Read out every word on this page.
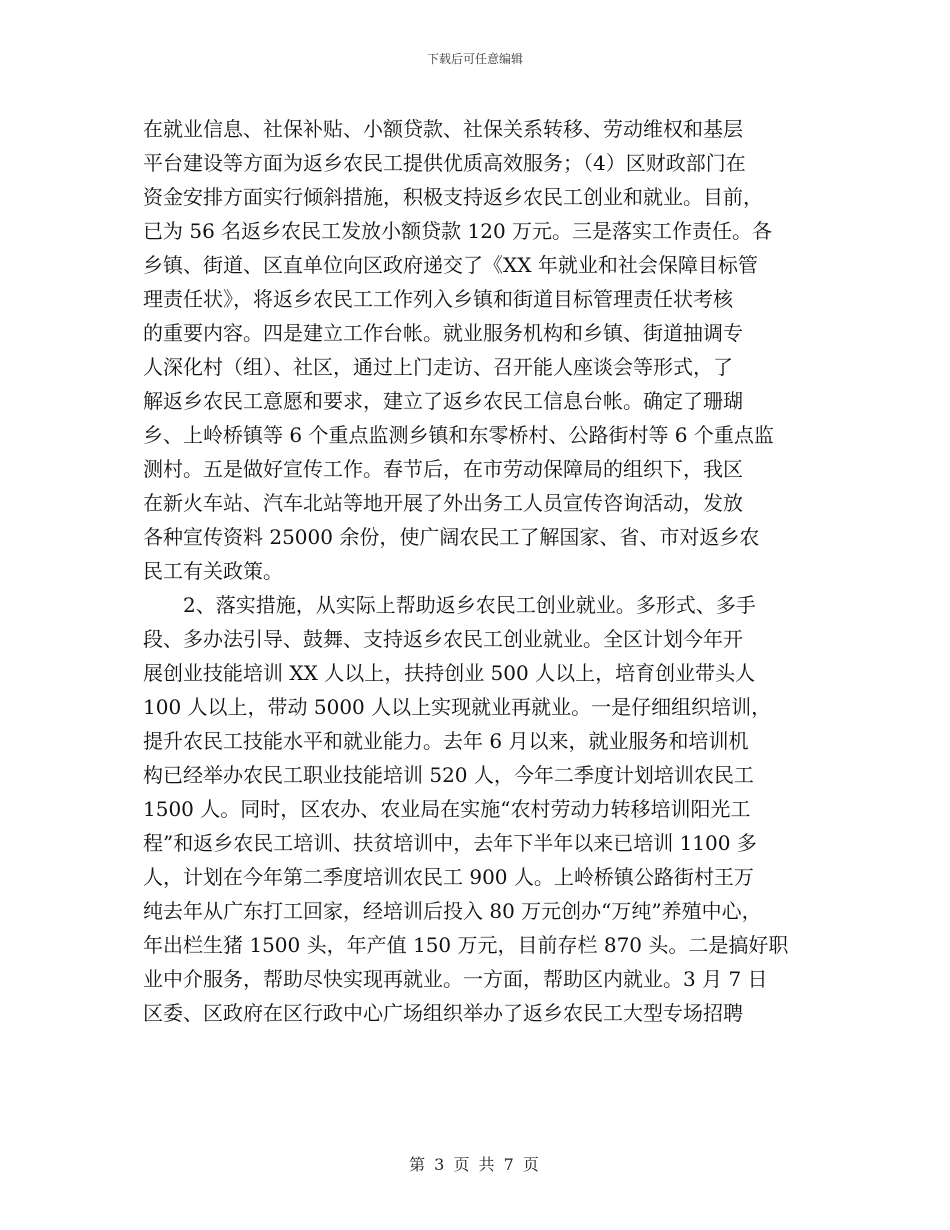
下载后可任意编辑
在就业信息、社保补贴、小额贷款、社保关系转移、劳动维权和基层
平台建设等方面为返乡农民工提供优质高效服务；（4）区财政部门在
资金安排方面实行倾斜措施，积极支持返乡农民工创业和就业。目前，
已为 56 名返乡农民工发放小额贷款 120 万元。三是落实工作责任。各
乡镇、街道、区直单位向区政府递交了《XX 年就业和社会保障目标管
理责任状》，将返乡农民工工作列入乡镇和街道目标管理责任状考核
的重要内容。四是建立工作台帐。就业服务机构和乡镇、街道抽调专
人深化村（组）、社区，通过上门走访、召开能人座谈会等形式，了
解返乡农民工意愿和要求，建立了返乡农民工信息台帐。确定了珊瑚
乡、上岭桥镇等 6 个重点监测乡镇和东零桥村、公路街村等 6 个重点监
测村。五是做好宣传工作。春节后，在市劳动保障局的组织下，我区
在新火车站、汽车北站等地开展了外出务工人员宣传咨询活动，发放
各种宣传资料 25000 余份，使广阔农民工了解国家、省、市对返乡农
民工有关政策。
　　2、落实措施，从实际上帮助返乡农民工创业就业。多形式、多手
段、多办法引导、鼓舞、支持返乡农民工创业就业。全区计划今年开
展创业技能培训 XX 人以上，扶持创业 500 人以上，培育创业带头人
100 人以上，带动 5000 人以上实现就业再就业。一是仔细组织培训，
提升农民工技能水平和就业能力。去年 6 月以来，就业服务和培训机
构已经举办农民工职业技能培训 520 人，今年二季度计划培训农民工
1500 人。同时，区农办、农业局在实施“农村劳动力转移培训阳光工
程”和返乡农民工培训、扶贫培训中，去年下半年以来已培训 1100 多
人，计划在今年第二季度培训农民工 900 人。上岭桥镇公路街村王万
纯去年从广东打工回家，经培训后投入 80 万元创办“万纯”养殖中心，
年出栏生猪 1500 头，年产值 150 万元，目前存栏 870 头。二是搞好职
业中介服务，帮助尽快实现再就业。一方面，帮助区内就业。3 月 7 日
区委、区政府在区行政中心广场组织举办了返乡农民工大型专场招聘
第 3 页 共 7 页
